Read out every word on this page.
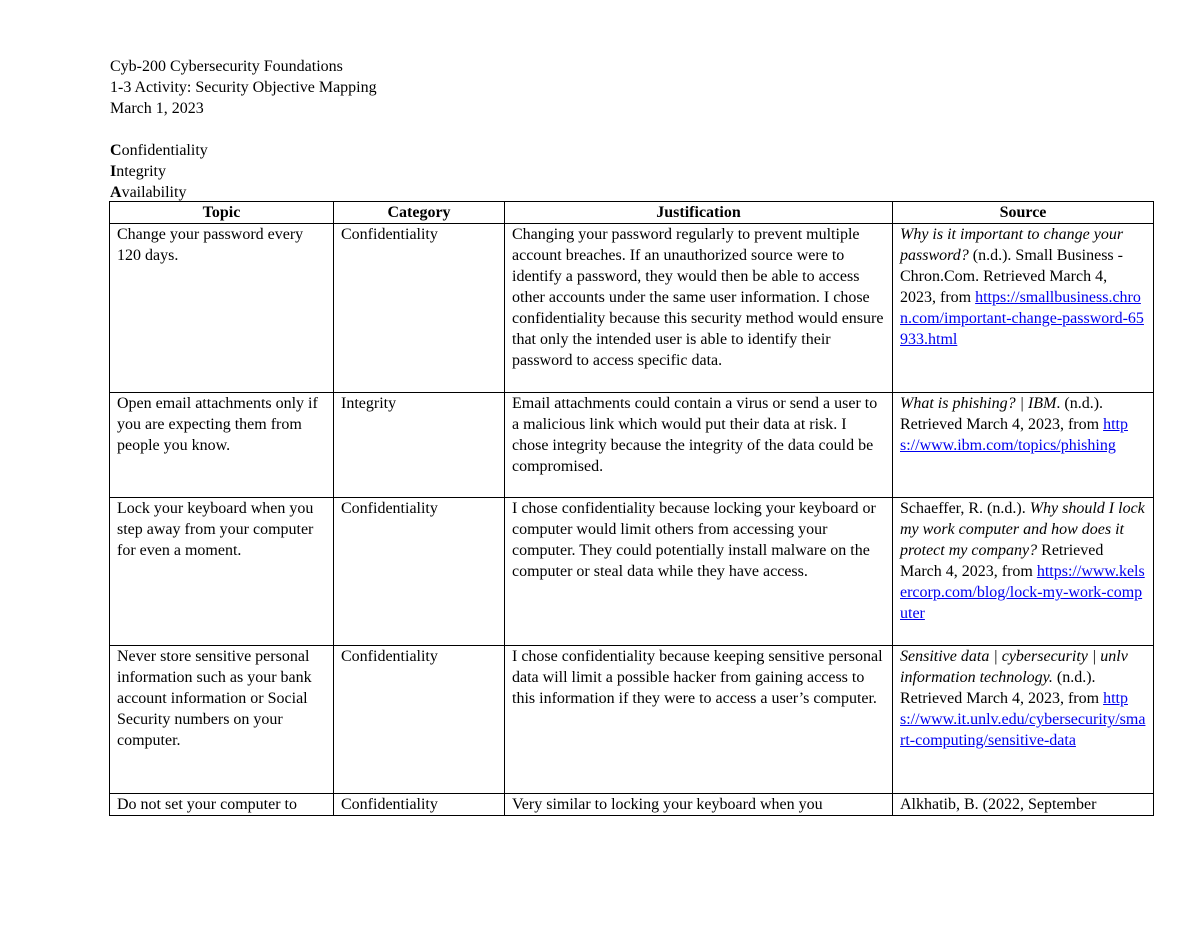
Cyb-200 Cybersecurity Foundations
1-3 Activity: Security Objective Mapping
March 1, 2023
Confidentiality
Integrity
Availability
Topic	Category	Justification	Source
Change your password every 120 days.	Confidentiality	Changing your password regularly to prevent multiple account breaches. If an unauthorized source were to identify a password, they would then be able to access other accounts under the same user information. I chose confidentiality because this security method would ensure that only the intended user is able to identify their password to access specific data.	Why is it important to change your password? (n.d.). Small Business - Chron.Com. Retrieved March 4, 2023, from https://smallbusiness.chron.com/important-change-password-65933.html
Open email attachments only if you are expecting them from people you know.	Integrity	Email attachments could contain a virus or send a user to a malicious link which would put their data at risk. I chose integrity because the integrity of the data could be compromised.	What is phishing? | IBM. (n.d.). Retrieved March 4, 2023, from https://www.ibm.com/topics/phishing
Lock your keyboard when you step away from your computer for even a moment.	Confidentiality	I chose confidentiality because locking your keyboard or computer would limit others from accessing your computer. They could potentially install malware on the computer or steal data while they have access.	Schaeffer, R. (n.d.). Why should I lock my work computer and how does it protect my company? Retrieved March 4, 2023, from https://www.kelsercorp.com/blog/lock-my-work-computer
Never store sensitive personal information such as your bank account information or Social Security numbers on your computer.	Confidentiality	I chose confidentiality because keeping sensitive personal data will limit a possible hacker from gaining access to this information if they were to access a user’s computer.	Sensitive data | cybersecurity | unlv information technology. (n.d.). Retrieved March 4, 2023, from https://www.it.unlv.edu/cybersecurity/smart-computing/sensitive-data
Do not set your computer to	Confidentiality	Very similar to locking your keyboard when you	Alkhatib, B. (2022, September
